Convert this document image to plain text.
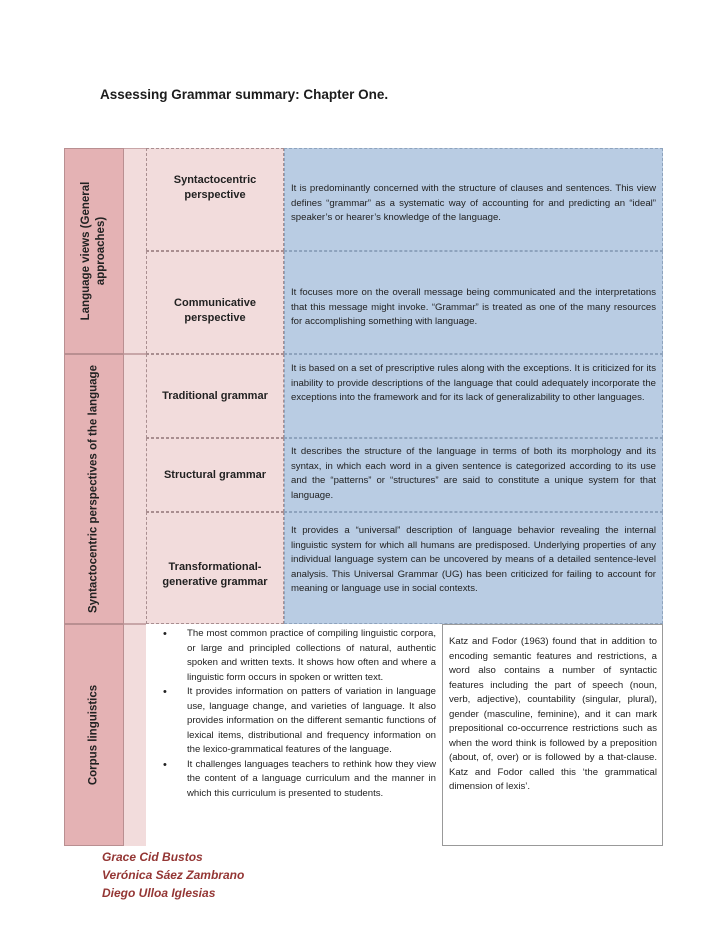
Assessing Grammar summary: Chapter One.
Language views (General approaches)
Syntactocentric perspective	It is predominantly concerned with the structure of clauses and sentences. This view defines “grammar” as a systematic way of accounting for and predicting an “ideal” speaker’s or hearer’s knowledge of the language.
Communicative perspective
It focuses more on the overall message being communicated and the interpretations that this message might invoke. “Grammar” is treated as one of the many resources for accomplishing something with language.
Syntactocentric perspectives of the language	Traditional grammar
It is based on a set of prescriptive rules along with the exceptions. It is criticized for its inability to provide descriptions of the language that could adequately incorporate the exceptions into the framework and for its lack of generalizability to other languages.
Structural grammar
It describes the structure of the language in terms of both its morphology and its syntax, in which each word in a given sentence is categorized according to its use and the “patterns” or “structures” are said to constitute a unique system for that language.
Transformational-generative grammar
It provides a “universal” description of language behavior revealing the internal linguistic system for which all humans are predisposed. Underlying properties of any individual language system can be uncovered by means of a detailed sentence-level analysis. This Universal Grammar (UG) has been criticized for failing to account for meaning or language use in social contexts.
Corpus linguistics
• The most common practice of compiling linguistic corpora, or large and principled collections of natural, authentic spoken and written texts. It shows how often and where a linguistic form occurs in spoken or written text.
• It provides information on patters of variation in language use, language change, and varieties of language. It also provides information on the different semantic functions of lexical items, distributional and frequency information on the lexico-grammatical features of the language.
• It challenges languages teachers to rethink how they view the content of a language curriculum and the manner in which this curriculum is presented to students.
Katz and Fodor (1963) found that in addition to encoding semantic features and restrictions, a word also contains a number of syntactic features including the part of speech (noun, verb, adjective), countability (singular, plural), gender (masculine, feminine), and it can mark prepositional co-occurrence restrictions such as when the word think is followed by a preposition (about, of, over) or is followed by a that-clause. Katz and Fodor called this ‘the grammatical dimension of lexis’.
Grace Cid Bustos
Verónica Sáez Zambrano
Diego Ulloa Iglesias
